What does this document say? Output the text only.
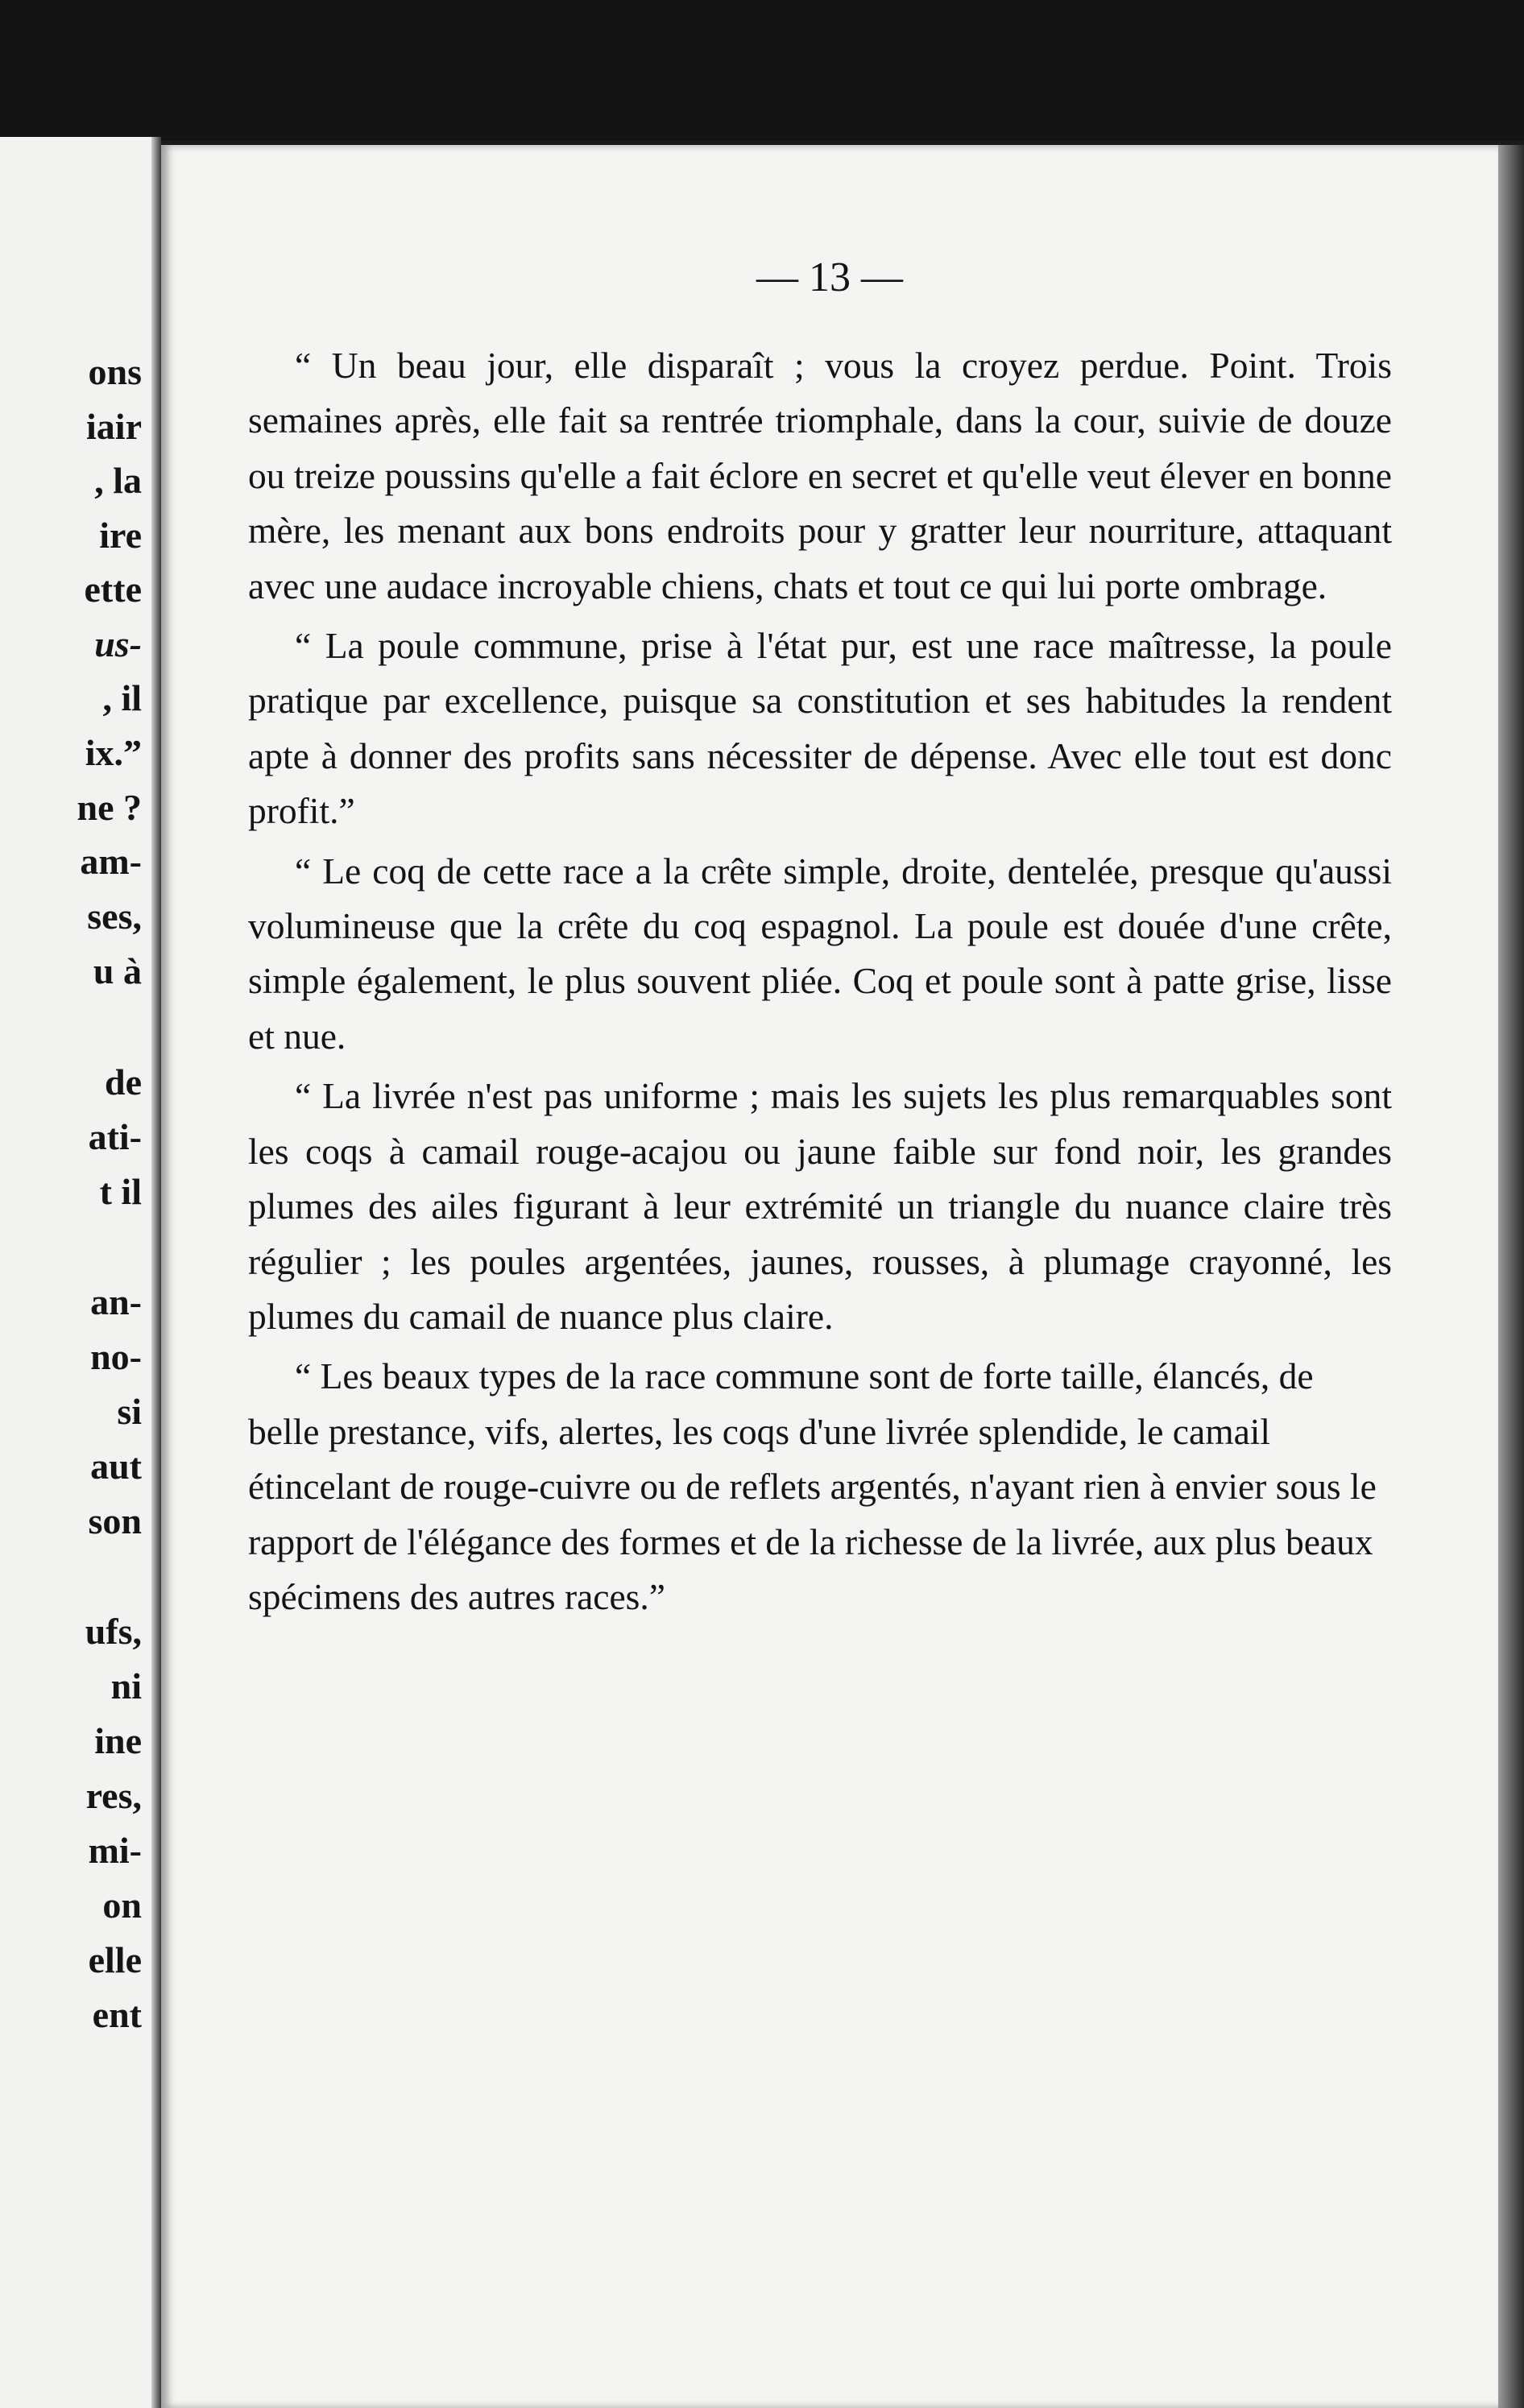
ons
iair
, la
ire
ette
us-
, il
ix.”
ne ?
am-
ses,
u à
de
ati-
t il
an-
no-
si
aut
son
ufs,
ni
ine
res,
mi-
on
elle
ent
— 13 —

“ Un beau jour, elle disparaît ; vous la croyez perdue. Point. Trois semaines après, elle fait sa rentrée triomphale, dans la cour, suivie de douze ou treize poussins qu'elle a fait éclore en secret et qu'elle veut élever en bonne mère, les menant aux bons endroits pour y gratter leur nourriture, attaquant avec une audace incroyable chiens, chats et tout ce qui lui porte ombrage.

“ La poule commune, prise à l'état pur, est une race maîtresse, la poule pratique par excellence, puisque sa constitution et ses habitudes la rendent apte à donner des profits sans nécessiter de dépense. Avec elle tout est donc profit.”

“ Le coq de cette race a la crête simple, droite, dentelée, presque qu'aussi volumineuse que la crête du coq espagnol. La poule est douée d'une crête, simple également, le plus souvent pliée. Coq et poule sont à patte grise, lisse et nue.

“ La livrée n'est pas uniforme ; mais les sujets les plus remarquables sont les coqs à camail rouge-acajou ou jaune faible sur fond noir, les grandes plumes des ailes figurant à leur extrémité un triangle du nuance claire très régulier ; les poules argentées, jaunes, rousses, à plumage crayonné, les plumes du camail de nuance plus claire.

“ Les beaux types de la race commune sont de forte taille, élancés, de belle prestance, vifs, alertes, les coqs d'une livrée splendide, le camail étincelant de rouge-cuivre ou de reflets argentés, n'ayant rien à envier sous le rapport de l'élégance des formes et de la richesse de la livrée, aux plus beaux spécimens des autres races.”
